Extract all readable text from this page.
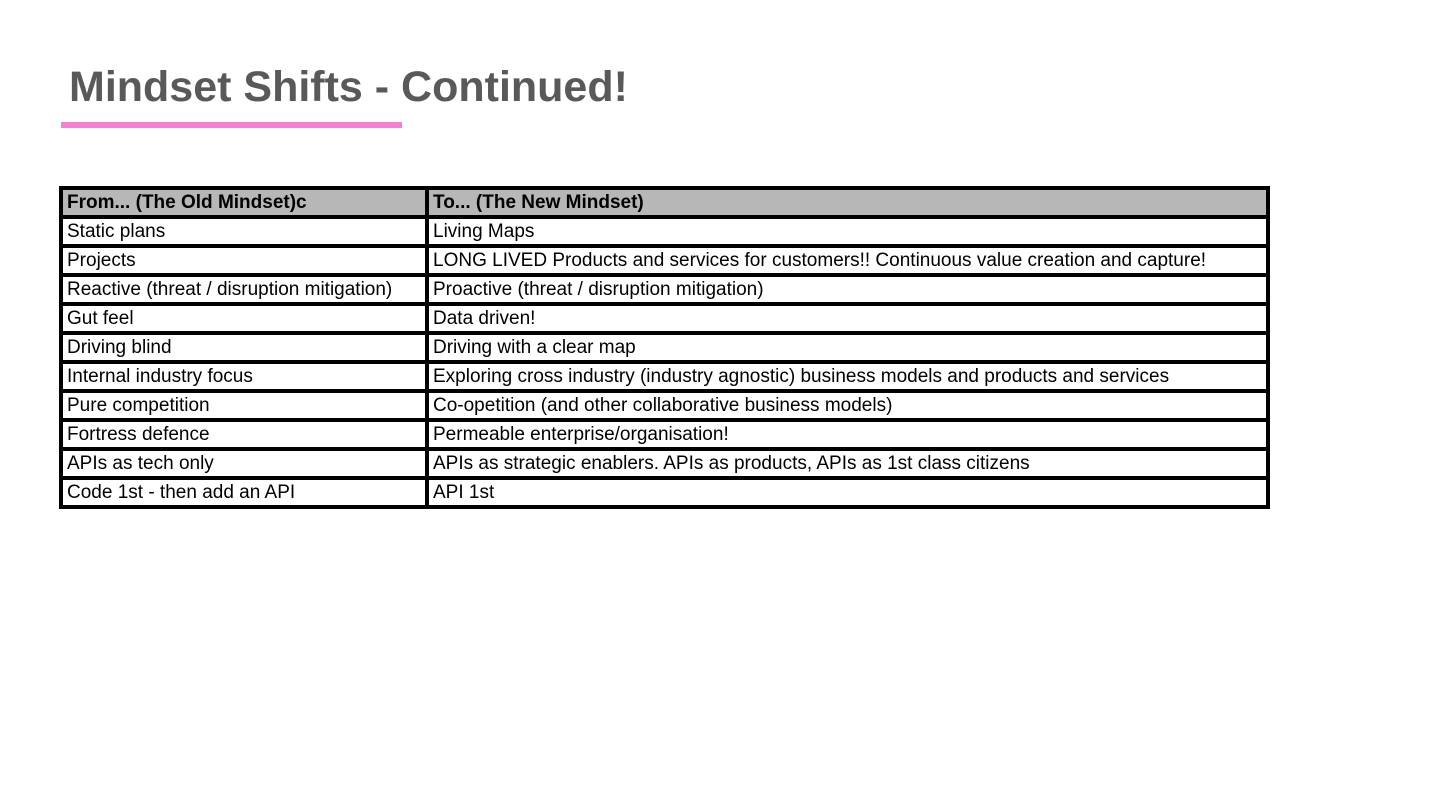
Mindset Shifts - Continued!
From... (The Old Mindset)c	To... (The New Mindset)
Static plans	Living Maps
Projects	LONG LIVED Products and services for customers!! Continuous value creation and capture!
Reactive (threat / disruption mitigation)	Proactive (threat / disruption mitigation)
Gut feel	Data driven!
Driving blind	Driving with a clear map
Internal industry focus	Exploring cross industry (industry agnostic) business models and products and services
Pure competition	Co-opetition (and other collaborative business models)
Fortress defence	Permeable enterprise/organisation!
APIs as tech only	APIs as strategic enablers. APIs as products, APIs as 1st class citizens
Code 1st - then add an API	API 1st
